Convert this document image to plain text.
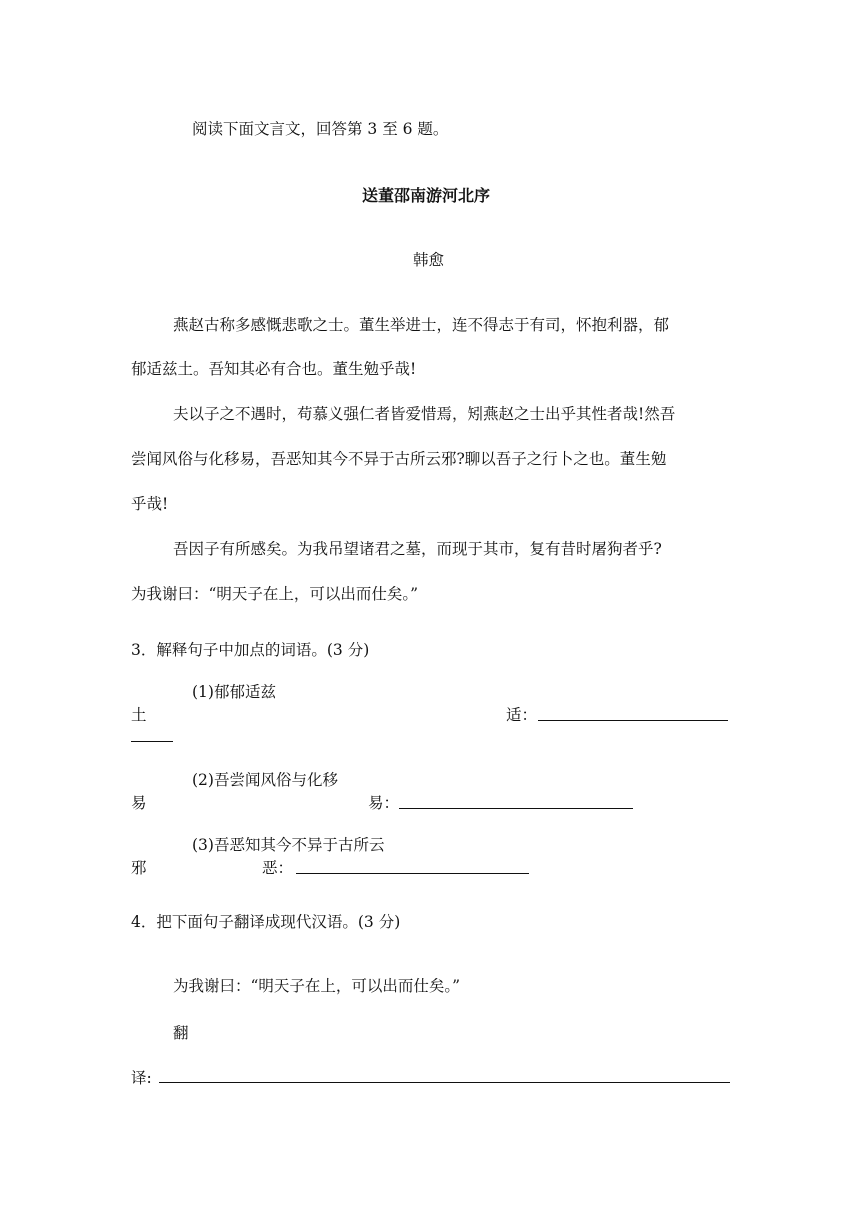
阅读下面文言文，回答第 3 至 6 题。
送董邵南游河北序
韩愈
燕赵古称多感慨悲歌之士。董生举进士，连不得志于有司，怀抱利器，郁
郁适兹土。吾知其必有合也。董生勉乎哉!
夫以子之不遇时，苟慕义强仁者皆爱惜焉，矧燕赵之士出乎其性者哉!然吾
尝闻风俗与化移易，吾恶知其今不异于古所云邪?聊以吾子之行卜之也。董生勉
乎哉!
吾因子有所感矣。为我吊望诸君之墓，而现于其市，复有昔时屠狗者乎?
为我谢曰：“明天子在上，可以出而仕矣。”
3．解释句子中加点的词语。(3 分)
(1)郁郁适兹
土	适：
(2)吾尝闻风俗与化移
易	易：
(3)吾恶知其今不异于古所云
邪	恶：
4．把下面句子翻译成现代汉语。(3 分)
为我谢曰：“明天子在上，可以出而仕矣。”
翻
译:
